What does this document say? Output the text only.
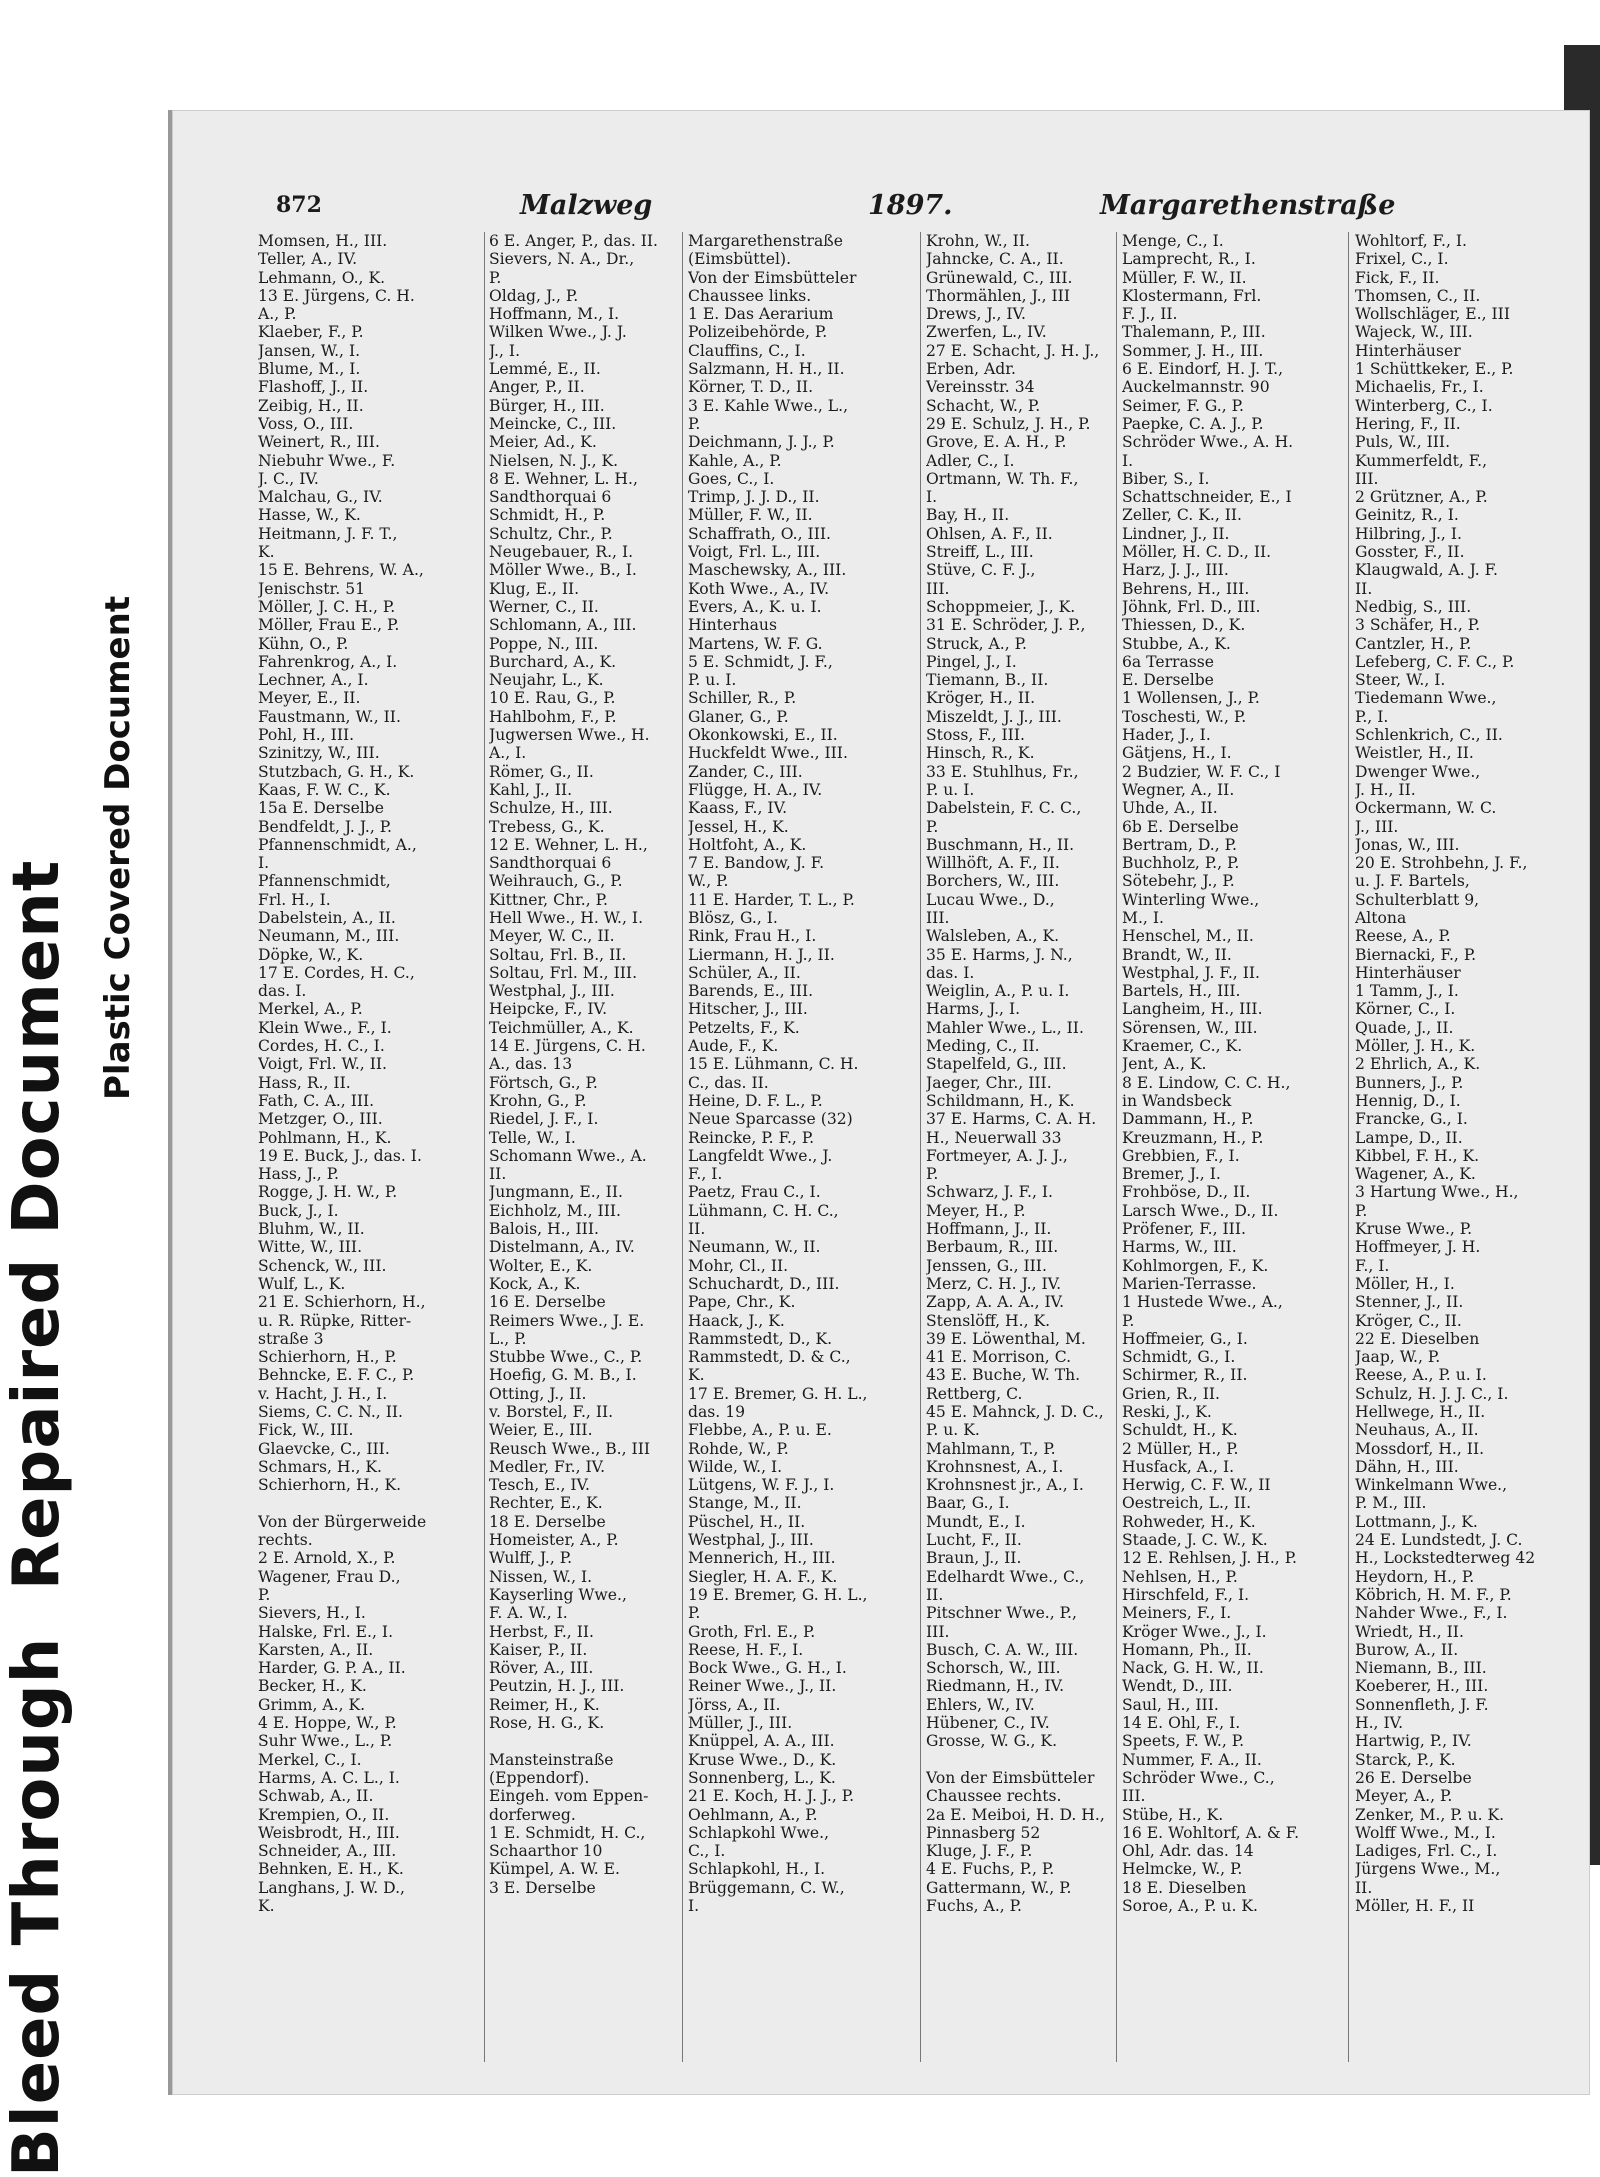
Bleed Through  Repaired Document
Plastic Covered Document
872	Malzweg	1897.	Margarethenstraße
Momsen, H., III.
Teller, A., IV.
Lehmann, O., K.
13 E. Jürgens, C. H.
A., P.
Klaeber, F., P.
Jansen, W., I.
Blume, M., I.
Flashoff, J., II.
Zeibig, H., II.
Voss, O., III.
Weinert, R., III.
Niebuhr Wwe., F.
J. C., IV.
Malchau, G., IV.
Hasse, W., K.
Heitmann, J. F. T.,
K.
15 E. Behrens, W. A.,
Jenischstr. 51
Möller, J. C. H., P.
Möller, Frau E., P.
Kühn, O., P.
Fahrenkrog, A., I.
Lechner, A., I.
Meyer, E., II.
Faustmann, W., II.
Pohl, H., III.
Szinitzy, W., III.
Stutzbach, G. H., K.
Kaas, F. W. C., K.
15a E. Derselbe
Bendfeldt, J. J., P.
Pfannenschmidt, A.,
I.
Pfannenschmidt,
Frl. H., I.
Dabelstein, A., II.
Neumann, M., III.
Döpke, W., K.
17 E. Cordes, H. C.,
das. I.
Merkel, A., P.
Klein Wwe., F., I.
Cordes, H. C., I.
Voigt, Frl. W., II.
Hass, R., II.
Fath, C. A., III.
Metzger, O., III.
Pohlmann, H., K.
19 E. Buck, J., das. I.
Hass, J., P.
Rogge, J. H. W., P.
Buck, J., I.
Bluhm, W., II.
Witte, W., III.
Schenck, W., III.
Wulf, L., K.
21 E. Schierhorn, H.,
u. R. Rüpke, Ritter-
straße 3
Schierhorn, H., P.
Behncke, E. F. C., P.
v. Hacht, J. H., I.
Siems, C. C. N., II.
Fick, W., III.
Glaevcke, C., III.
Schmars, H., K.
Schierhorn, H., K.
Von der Bürgerweide
rechts.
2 E. Arnold, X., P.
Wagener, Frau D.,
P.
Sievers, H., I.
Halske, Frl. E., I.
Karsten, A., II.
Harder, G. P. A., II.
Becker, H., K.
Grimm, A., K.
4 E. Hoppe, W., P.
Suhr Wwe., L., P.
Merkel, C., I.
Harms, A. C. L., I.
Schwab, A., II.
Krempien, O., II.
Weisbrodt, H., III.
Schneider, A., III.
Behnken, E. H., K.
Langhans, J. W. D.,
K.
6 E. Anger, P., das. II.
Sievers, N. A., Dr.,
P.
Oldag, J., P.
Hoffmann, M., I.
Wilken Wwe., J. J.
J., I.
Lemmé, E., II.
Anger, P., II.
Bürger, H., III.
Meincke, C., III.
Meier, Ad., K.
Nielsen, N. J., K.
8 E. Wehner, L. H.,
Sandthorquai 6
Schmidt, H., P.
Schultz, Chr., P.
Neugebauer, R., I.
Möller Wwe., B., I.
Klug, E., II.
Werner, C., II.
Schlomann, A., III.
Poppe, N., III.
Burchard, A., K.
Neujahr, L., K.
10 E. Rau, G., P.
Hahlbohm, F., P.
Jugwersen Wwe., H.
A., I.
Römer, G., II.
Kahl, J., II.
Schulze, H., III.
Trebess, G., K.
12 E. Wehner, L. H.,
Sandthorquai 6
Weihrauch, G., P.
Kittner, Chr., P.
Hell Wwe., H. W., I.
Meyer, W. C., II.
Soltau, Frl. B., II.
Soltau, Frl. M., III.
Westphal, J., III.
Heipcke, F., IV.
Teichmüller, A., K.
14 E. Jürgens, C. H.
A., das. 13
Förtsch, G., P.
Krohn, G., P.
Riedel, J. F., I.
Telle, W., I.
Schomann Wwe., A.
II.
Jungmann, E., II.
Eichholz, M., III.
Balois, H., III.
Distelmann, A., IV.
Wolter, E., K.
Kock, A., K.
16 E. Derselbe
Reimers Wwe., J. E.
L., P.
Stubbe Wwe., C., P.
Hoefig, G. M. B., I.
Otting, J., II.
v. Borstel, F., II.
Weier, E., III.
Reusch Wwe., B., III
Medler, Fr., IV.
Tesch, E., IV.
Rechter, E., K.
18 E. Derselbe
Homeister, A., P.
Wulff, J., P.
Nissen, W., I.
Kayserling Wwe.,
F. A. W., I.
Herbst, F., II.
Kaiser, P., II.
Röver, A., III.
Peutzin, H. J., III.
Reimer, H., K.
Rose, H. G., K.
Mansteinstraße
(Eppendorf).
Eingeh. vom Eppen-
dorferweg.
1 E. Schmidt, H. C.,
Schaarthor 10
Kümpel, A. W. E.
3 E. Derselbe
Margarethenstraße
(Eimsbüttel).
Von der Eimsbütteler
Chaussee links.
1 E. Das Aerarium
Polizeibehörde, P.
Clauffins, C., I.
Salzmann, H. H., II.
Körner, T. D., II.
3 E. Kahle Wwe., L.,
P.
Deichmann, J. J., P.
Kahle, A., P.
Goes, C., I.
Trimp, J. J. D., II.
Müller, F. W., II.
Schaffrath, O., III.
Voigt, Frl. L., III.
Maschewsky, A., III.
Koth Wwe., A., IV.
Evers, A., K. u. I.
Hinterhaus
Martens, W. F. G.
5 E. Schmidt, J. F.,
P. u. I.
Schiller, R., P.
Glaner, G., P.
Okonkowski, E., II.
Huckfeldt Wwe., III.
Zander, C., III.
Flügge, H. A., IV.
Kaass, F., IV.
Jessel, H., K.
Holtfoht, A., K.
7 E. Bandow, J. F.
W., P.
11 E. Harder, T. L., P.
Blösz, G., I.
Rink, Frau H., I.
Liermann, H. J., II.
Schüler, A., II.
Barends, E., III.
Hitscher, J., III.
Petzelts, F., K.
Aude, F., K.
15 E. Lühmann, C. H.
C., das. II.
Heine, D. F. L., P.
Neue Sparcasse (32)
Reincke, P. F., P.
Langfeldt Wwe., J.
F., I.
Paetz, Frau C., I.
Lühmann, C. H. C.,
II.
Neumann, W., II.
Mohr, Cl., II.
Schuchardt, D., III.
Pape, Chr., K.
Haack, J., K.
Rammstedt, D., K.
Rammstedt, D. & C.,
K.
17 E. Bremer, G. H. L.,
das. 19
Flebbe, A., P. u. E.
Rohde, W., P.
Wilde, W., I.
Lütgens, W. F. J., I.
Stange, M., II.
Püschel, H., II.
Westphal, J., III.
Mennerich, H., III.
Siegler, H. A. F., K.
19 E. Bremer, G. H. L.,
P.
Groth, Frl. E., P.
Reese, H. F., I.
Bock Wwe., G. H., I.
Reiner Wwe., J., II.
Jörss, A., II.
Müller, J., III.
Knüppel, A. A., III.
Kruse Wwe., D., K.
Sonnenberg, L., K.
21 E. Koch, H. J. J., P.
Oehlmann, A., P.
Schlapkohl Wwe.,
C., I.
Schlapkohl, H., I.
Brüggemann, C. W.,
I.
Krohn, W., II.
Jahncke, C. A., II.
Grünewald, C., III.
Thormählen, J., III
Drews, J., IV.
Zwerfen, L., IV.
27 E. Schacht, J. H. J.,
Erben, Adr.
Vereinsstr. 34
Schacht, W., P.
29 E. Schulz, J. H., P.
Grove, E. A. H., P.
Adler, C., I.
Ortmann, W. Th. F.,
I.
Bay, H., II.
Ohlsen, A. F., II.
Streiff, L., III.
Stüve, C. F. J.,
III.
Schoppmeier, J., K.
31 E. Schröder, J. P.,
Struck, A., P.
Pingel, J., I.
Tiemann, B., II.
Kröger, H., II.
Miszeldt, J. J., III.
Stoss, F., III.
Hinsch, R., K.
33 E. Stuhlhus, Fr.,
P. u. I.
Dabelstein, F. C. C.,
P.
Buschmann, H., II.
Willhöft, A. F., II.
Borchers, W., III.
Lucau Wwe., D.,
III.
Walsleben, A., K.
35 E. Harms, J. N.,
das. I.
Weiglin, A., P. u. I.
Harms, J., I.
Mahler Wwe., L., II.
Meding, C., II.
Stapelfeld, G., III.
Jaeger, Chr., III.
Schildmann, H., K.
37 E. Harms, C. A. H.
H., Neuerwall 33
Fortmeyer, A. J. J.,
P.
Schwarz, J. F., I.
Meyer, H., P.
Hoffmann, J., II.
Berbaum, R., III.
Jenssen, G., III.
Merz, C. H. J., IV.
Zapp, A. A. A., IV.
Stenslöff, H., K.
39 E. Löwenthal, M.
41 E. Morrison, C.
43 E. Buche, W. Th.
Rettberg, C.
45 E. Mahnck, J. D. C.,
P. u. K.
Mahlmann, T., P.
Krohnsnest, A., I.
Krohnsnest jr., A., I.
Baar, G., I.
Mundt, E., I.
Lucht, F., II.
Braun, J., II.
Edelhardt Wwe., C.,
II.
Pitschner Wwe., P.,
III.
Busch, C. A. W., III.
Schorsch, W., III.
Riedmann, H., IV.
Ehlers, W., IV.
Hübener, C., IV.
Grosse, W. G., K.
Von der Eimsbütteler
Chaussee rechts.
2a E. Meiboi, H. D. H.,
Pinnasberg 52
Kluge, J. F., P.
4 E. Fuchs, P., P.
Gattermann, W., P.
Fuchs, A., P.
Menge, C., I.
Lamprecht, R., I.
Müller, F. W., II.
Klostermann, Frl.
F. J., II.
Thalemann, P., III.
Sommer, J. H., III.
6 E. Eindorf, H. J. T.,
Auckelmannstr. 90
Seimer, F. G., P.
Paepke, C. A. J., P.
Schröder Wwe., A. H.
I.
Biber, S., I.
Schattschneider, E., I
Zeller, C. K., II.
Lindner, J., II.
Möller, H. C. D., II.
Harz, J. J., III.
Behrens, H., III.
Jöhnk, Frl. D., III.
Thiessen, D., K.
Stubbe, A., K.
6a Terrasse
E. Derselbe
1 Wollensen, J., P.
Toschesti, W., P.
Hader, J., I.
Gätjens, H., I.
2 Budzier, W. F. C., I
Wegner, A., II.
Uhde, A., II.
6b E. Derselbe
Bertram, D., P.
Buchholz, P., P.
Sötebehr, J., P.
Winterling Wwe.,
M., I.
Henschel, M., II.
Brandt, W., II.
Westphal, J. F., II.
Bartels, H., III.
Langheim, H., III.
Sörensen, W., III.
Kraemer, C., K.
Jent, A., K.
8 E. Lindow, C. C. H.,
in Wandsbeck
Dammann, H., P.
Kreuzmann, H., P.
Grebbien, F., I.
Bremer, J., I.
Frohböse, D., II.
Larsch Wwe., D., II.
Pröfener, F., III.
Harms, W., III.
Kohlmorgen, F., K.
Marien-Terrasse.
1 Hustede Wwe., A.,
P.
Hoffmeier, G., I.
Schmidt, G., I.
Schirmer, R., II.
Grien, R., II.
Reski, J., K.
Schuldt, H., K.
2 Müller, H., P.
Husfack, A., I.
Herwig, C. F. W., II
Oestreich, L., II.
Rohweder, H., K.
Staade, J. C. W., K.
12 E. Rehlsen, J. H., P.
Nehlsen, H., P.
Hirschfeld, F., I.
Meiners, F., I.
Kröger Wwe., J., I.
Homann, Ph., II.
Nack, G. H. W., II.
Wendt, D., III.
Saul, H., III.
14 E. Ohl, F., I.
Speets, F. W., P.
Nummer, F. A., II.
Schröder Wwe., C.,
III.
Stübe, H., K.
16 E. Wohltorf, A. & F.
Ohl, Adr. das. 14
Helmcke, W., P.
18 E. Dieselben
Soroe, A., P. u. K.
Wohltorf, F., I.
Frixel, C., I.
Fick, F., II.
Thomsen, C., II.
Wollschläger, E., III
Wajeck, W., III.
Hinterhäuser
1 Schüttkeker, E., P.
Michaelis, Fr., I.
Winterberg, C., I.
Hering, F., II.
Puls, W., III.
Kummerfeldt, F.,
III.
2 Grützner, A., P.
Geinitz, R., I.
Hilbring, J., I.
Gosster, F., II.
Klaugwald, A. J. F.
II.
Nedbig, S., III.
3 Schäfer, H., P.
Cantzler, H., P.
Lefeberg, C. F. C., P.
Steer, W., I.
Tiedemann Wwe.,
P., I.
Schlenkrich, C., II.
Weistler, H., II.
Dwenger Wwe.,
J. H., II.
Ockermann, W. C.
J., III.
Jonas, W., III.
20 E. Strohbehn, J. F.,
u. J. F. Bartels,
Schulterblatt 9,
Altona
Reese, A., P.
Biernacki, F., P.
Hinterhäuser
1 Tamm, J., I.
Körner, C., I.
Quade, J., II.
Möller, J. H., K.
2 Ehrlich, A., K.
Bunners, J., P.
Hennig, D., I.
Francke, G., I.
Lampe, D., II.
Kibbel, F. H., K.
Wagener, A., K.
3 Hartung Wwe., H.,
P.
Kruse Wwe., P.
Hoffmeyer, J. H.
F., I.
Möller, H., I.
Stenner, J., II.
Kröger, C., II.
22 E. Dieselben
Jaap, W., P.
Reese, A., P. u. I.
Schulz, H. J. J. C., I.
Hellwege, H., II.
Neuhaus, A., II.
Mossdorf, H., II.
Dähn, H., III.
Winkelmann Wwe.,
P. M., III.
Lottmann, J., K.
24 E. Lundstedt, J. C.
H., Lockstedterweg 42
Heydorn, H., P.
Köbrich, H. M. F., P.
Nahder Wwe., F., I.
Wriedt, H., II.
Burow, A., II.
Niemann, B., III.
Koeberer, H., III.
Sonnenfleth, J. F.
H., IV.
Hartwig, P., IV.
Starck, P., K.
26 E. Derselbe
Meyer, A., P.
Zenker, M., P. u. K.
Wolff Wwe., M., I.
Ladiges, Frl. C., I.
Jürgens Wwe., M.,
II.
Möller, H. F., II
